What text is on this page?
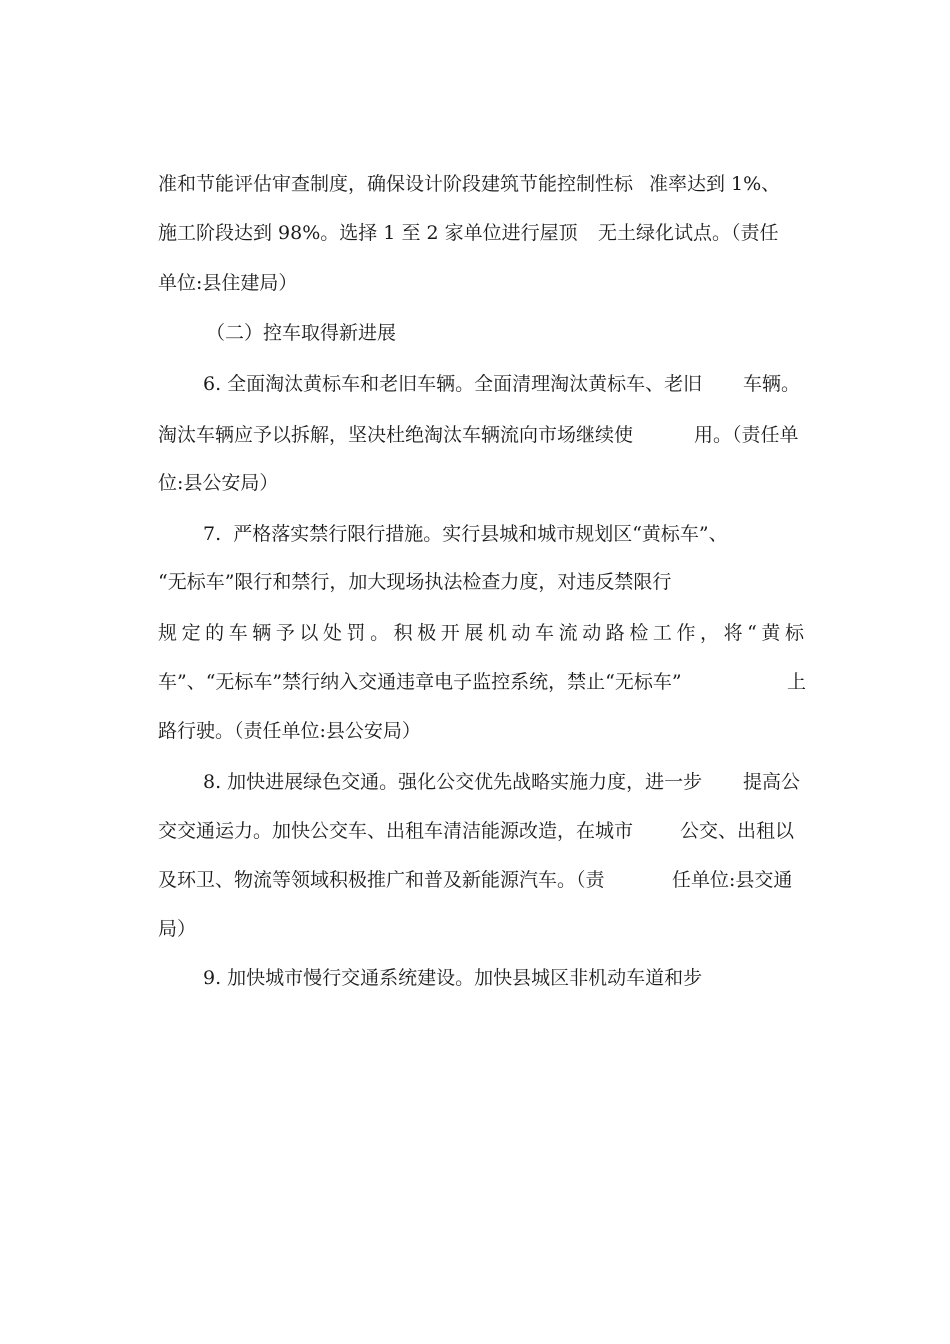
准和节能评估审查制度，确保设计阶段建筑节能控制性标

准率达到 1%、

施工阶段达到 98%。选择 1 至 2 家单位进行屋顶

无土绿化试点。（责任

单位:县住建局）

（二）控车取得新进展

6. 全面淘汰黄标车和老旧车辆。全面清理淘汰黄标车、老旧

车辆。

淘汰车辆应予以拆解，坚决杜绝淘汰车辆流向市场继续使

	用。（责任单

位:县公安局）

7.  严格落实禁行限行措施。实行县城和城市规划区“黄标车”、

“无标车”限行和禁行，加大现场执法检查力度，对违反禁限行

规定的车辆予以处罚。积极开展机动车流动路检工作，将“黄标

车”、“无标车”禁行纳入交通违章电子监控系统，禁止“无标车”

	上

路行驶。（责任单位:县公安局）

8. 加快进展绿色交通。强化公交优先战略实施力度，进一步

提高公

交交通运力。加快公交车、出租车清洁能源改造，在城市

公交、出租以

及环卫、物流等领域积极推广和普及新能源汽车。（责

	任单位:县交通

局）

9. 加快城市慢行交通系统建设。加快县城区非机动车道和步
